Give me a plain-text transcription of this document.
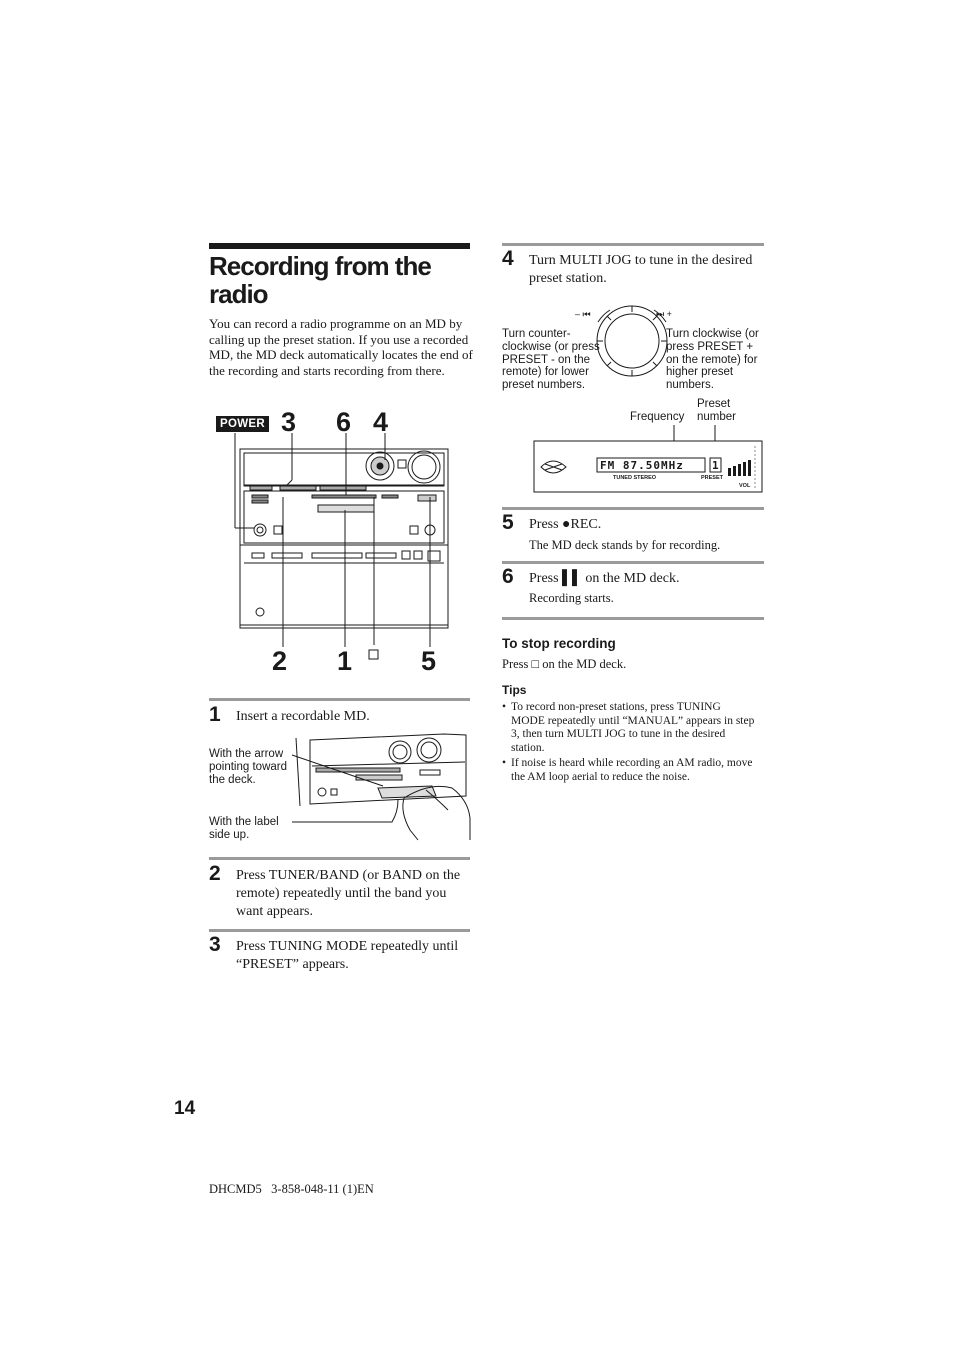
Recording from the radio
You can record a radio programme on an MD by calling up the preset station. If you use a recorded MD, the MD deck automatically locates the end of the recording and starts recording from there.
POWER 3 6 4
2 1	5
1 Insert a recordable MD.
With the arrow pointing toward the deck.
With the label side up.
2 Press TUNER/BAND (or BAND on the remote) repeatedly until the band you want appears.
3 Press TUNING MODE repeatedly until “PRESET” appears.
4 Turn MULTI JOG to tune in the desired preset station.
– ⏮	⏭ +
Turn counter-clockwise (or press PRESET - on the remote) for lower preset numbers.
Turn clockwise (or press PRESET + on the remote) for higher preset numbers.
Frequency
Preset number
FM 87.50MHz	1
TUNED STEREO	PRESET
VOL
5 Press ●REC.
The MD deck stands by for recording.
6 Press ▌▌ on the MD deck.
Recording starts.
To stop recording
Press □ on the MD deck.
Tips
• To record non-preset stations, press TUNING MODE repeatedly until “MANUAL” appears in step 3, then turn MULTI JOG to tune in the desired station.
• If noise is heard while recording an AM radio, move the AM loop aerial to reduce the noise.
14
DHCMD5   3-858-048-11 (1)EN
